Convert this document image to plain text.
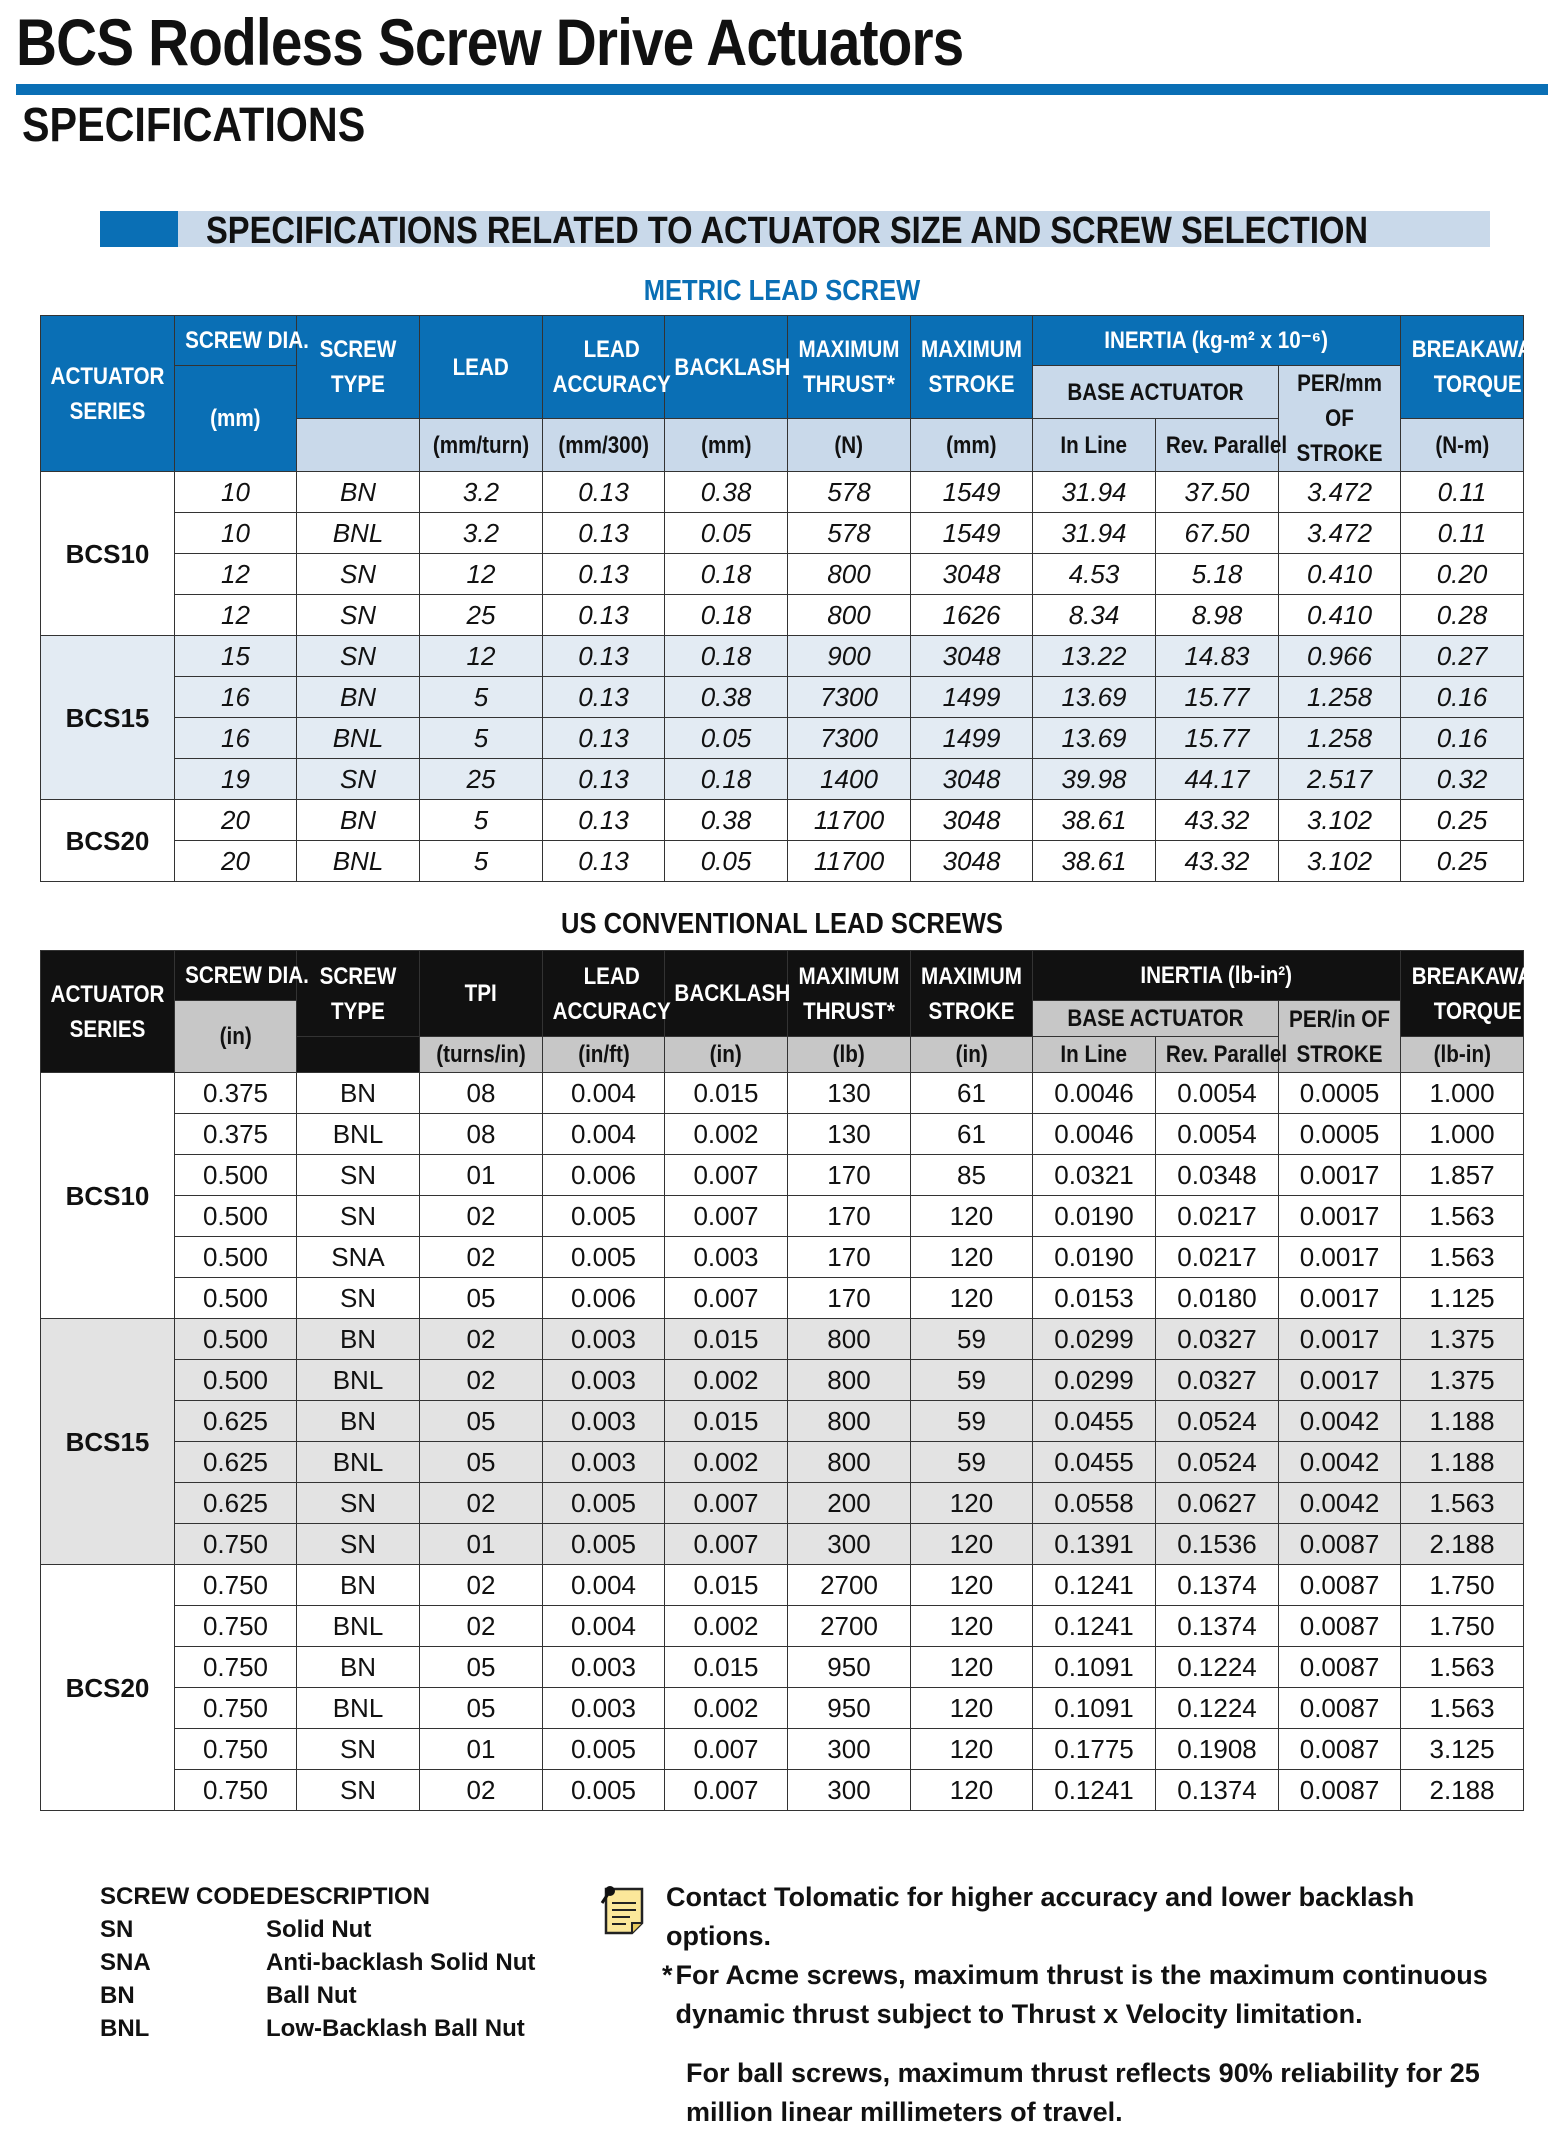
BCS Rodless Screw Drive Actuators
SPECIFICATIONS
SPECIFICATIONS RELATED TO ACTUATOR SIZE AND SCREW SELECTION
METRIC LEAD SCREW
ACTUATOR SERIES	SCREW DIA.	SCREW TYPE	LEAD	LEAD ACCURACY	BACKLASH	MAXIMUM THRUST*	MAXIMUM STROKE	INERTIA (kg-m² x 10⁻⁶)			BREAKAWAY TORQUE
	(mm)							BASE ACTUATOR		PER/mm OF STROKE	
			(mm/turn)	(mm/300)	(mm)	(N)	(mm)	In Line	Rev. Parallel		(N-m)
BCS10	10	BN	3.2	0.13	0.38	578	1549	31.94	37.50	3.472	0.11
	10	BNL	3.2	0.13	0.05	578	1549	31.94	67.50	3.472	0.11
	12	SN	12	0.13	0.18	800	3048	4.53	5.18	0.410	0.20
	12	SN	25	0.13	0.18	800	1626	8.34	8.98	0.410	0.28
BCS15	15	SN	12	0.13	0.18	900	3048	13.22	14.83	0.966	0.27
	16	BN	5	0.13	0.38	7300	1499	13.69	15.77	1.258	0.16
	16	BNL	5	0.13	0.05	7300	1499	13.69	15.77	1.258	0.16
	19	SN	25	0.13	0.18	1400	3048	39.98	44.17	2.517	0.32
BCS20	20	BN	5	0.13	0.38	11700	3048	38.61	43.32	3.102	0.25
	20	BNL	5	0.13	0.05	11700	3048	38.61	43.32	3.102	0.25
US CONVENTIONAL LEAD SCREWS
ACTUATOR SERIES	SCREW DIA.	SCREW TYPE	TPI	LEAD ACCURACY	BACKLASH	MAXIMUM THRUST*	MAXIMUM STROKE	INERTIA (lb-in²)			BREAKAWAY TORQUE
	(in)							BASE ACTUATOR		PER/in OF STROKE	
			(turns/in)	(in/ft)	(in)	(lb)	(in)	In Line	Rev. Parallel		(lb-in)
BCS10	0.375	BN	08	0.004	0.015	130	61	0.0046	0.0054	0.0005	1.000
	0.375	BNL	08	0.004	0.002	130	61	0.0046	0.0054	0.0005	1.000
	0.500	SN	01	0.006	0.007	170	85	0.0321	0.0348	0.0017	1.857
	0.500	SN	02	0.005	0.007	170	120	0.0190	0.0217	0.0017	1.563
	0.500	SNA	02	0.005	0.003	170	120	0.0190	0.0217	0.0017	1.563
	0.500	SN	05	0.006	0.007	170	120	0.0153	0.0180	0.0017	1.125
BCS15	0.500	BN	02	0.003	0.015	800	59	0.0299	0.0327	0.0017	1.375
	0.500	BNL	02	0.003	0.002	800	59	0.0299	0.0327	0.0017	1.375
	0.625	BN	05	0.003	0.015	800	59	0.0455	0.0524	0.0042	1.188
	0.625	BNL	05	0.003	0.002	800	59	0.0455	0.0524	0.0042	1.188
	0.625	SN	02	0.005	0.007	200	120	0.0558	0.0627	0.0042	1.563
	0.750	SN	01	0.005	0.007	300	120	0.1391	0.1536	0.0087	2.188
BCS20	0.750	BN	02	0.004	0.015	2700	120	0.1241	0.1374	0.0087	1.750
	0.750	BNL	02	0.004	0.002	2700	120	0.1241	0.1374	0.0087	1.750
	0.750	BN	05	0.003	0.015	950	120	0.1091	0.1224	0.0087	1.563
	0.750	BNL	05	0.003	0.002	950	120	0.1091	0.1224	0.0087	1.563
	0.750	SN	01	0.005	0.007	300	120	0.1775	0.1908	0.0087	3.125
	0.750	SN	02	0.005	0.007	300	120	0.1241	0.1374	0.0087	2.188
SCREW CODE DESCRIPTION
SN	Solid Nut
SNA	Anti-backlash Solid Nut
BN	Ball Nut
BNL	Low-Backlash Ball Nut

Contact Tolomatic for higher accuracy and lower backlash options.

* For Acme screws, maximum thrust is the maximum continuous dynamic thrust subject to Thrust x Velocity limitation.

For ball screws, maximum thrust reflects 90% reliability for 25 million linear millimeters of travel.
